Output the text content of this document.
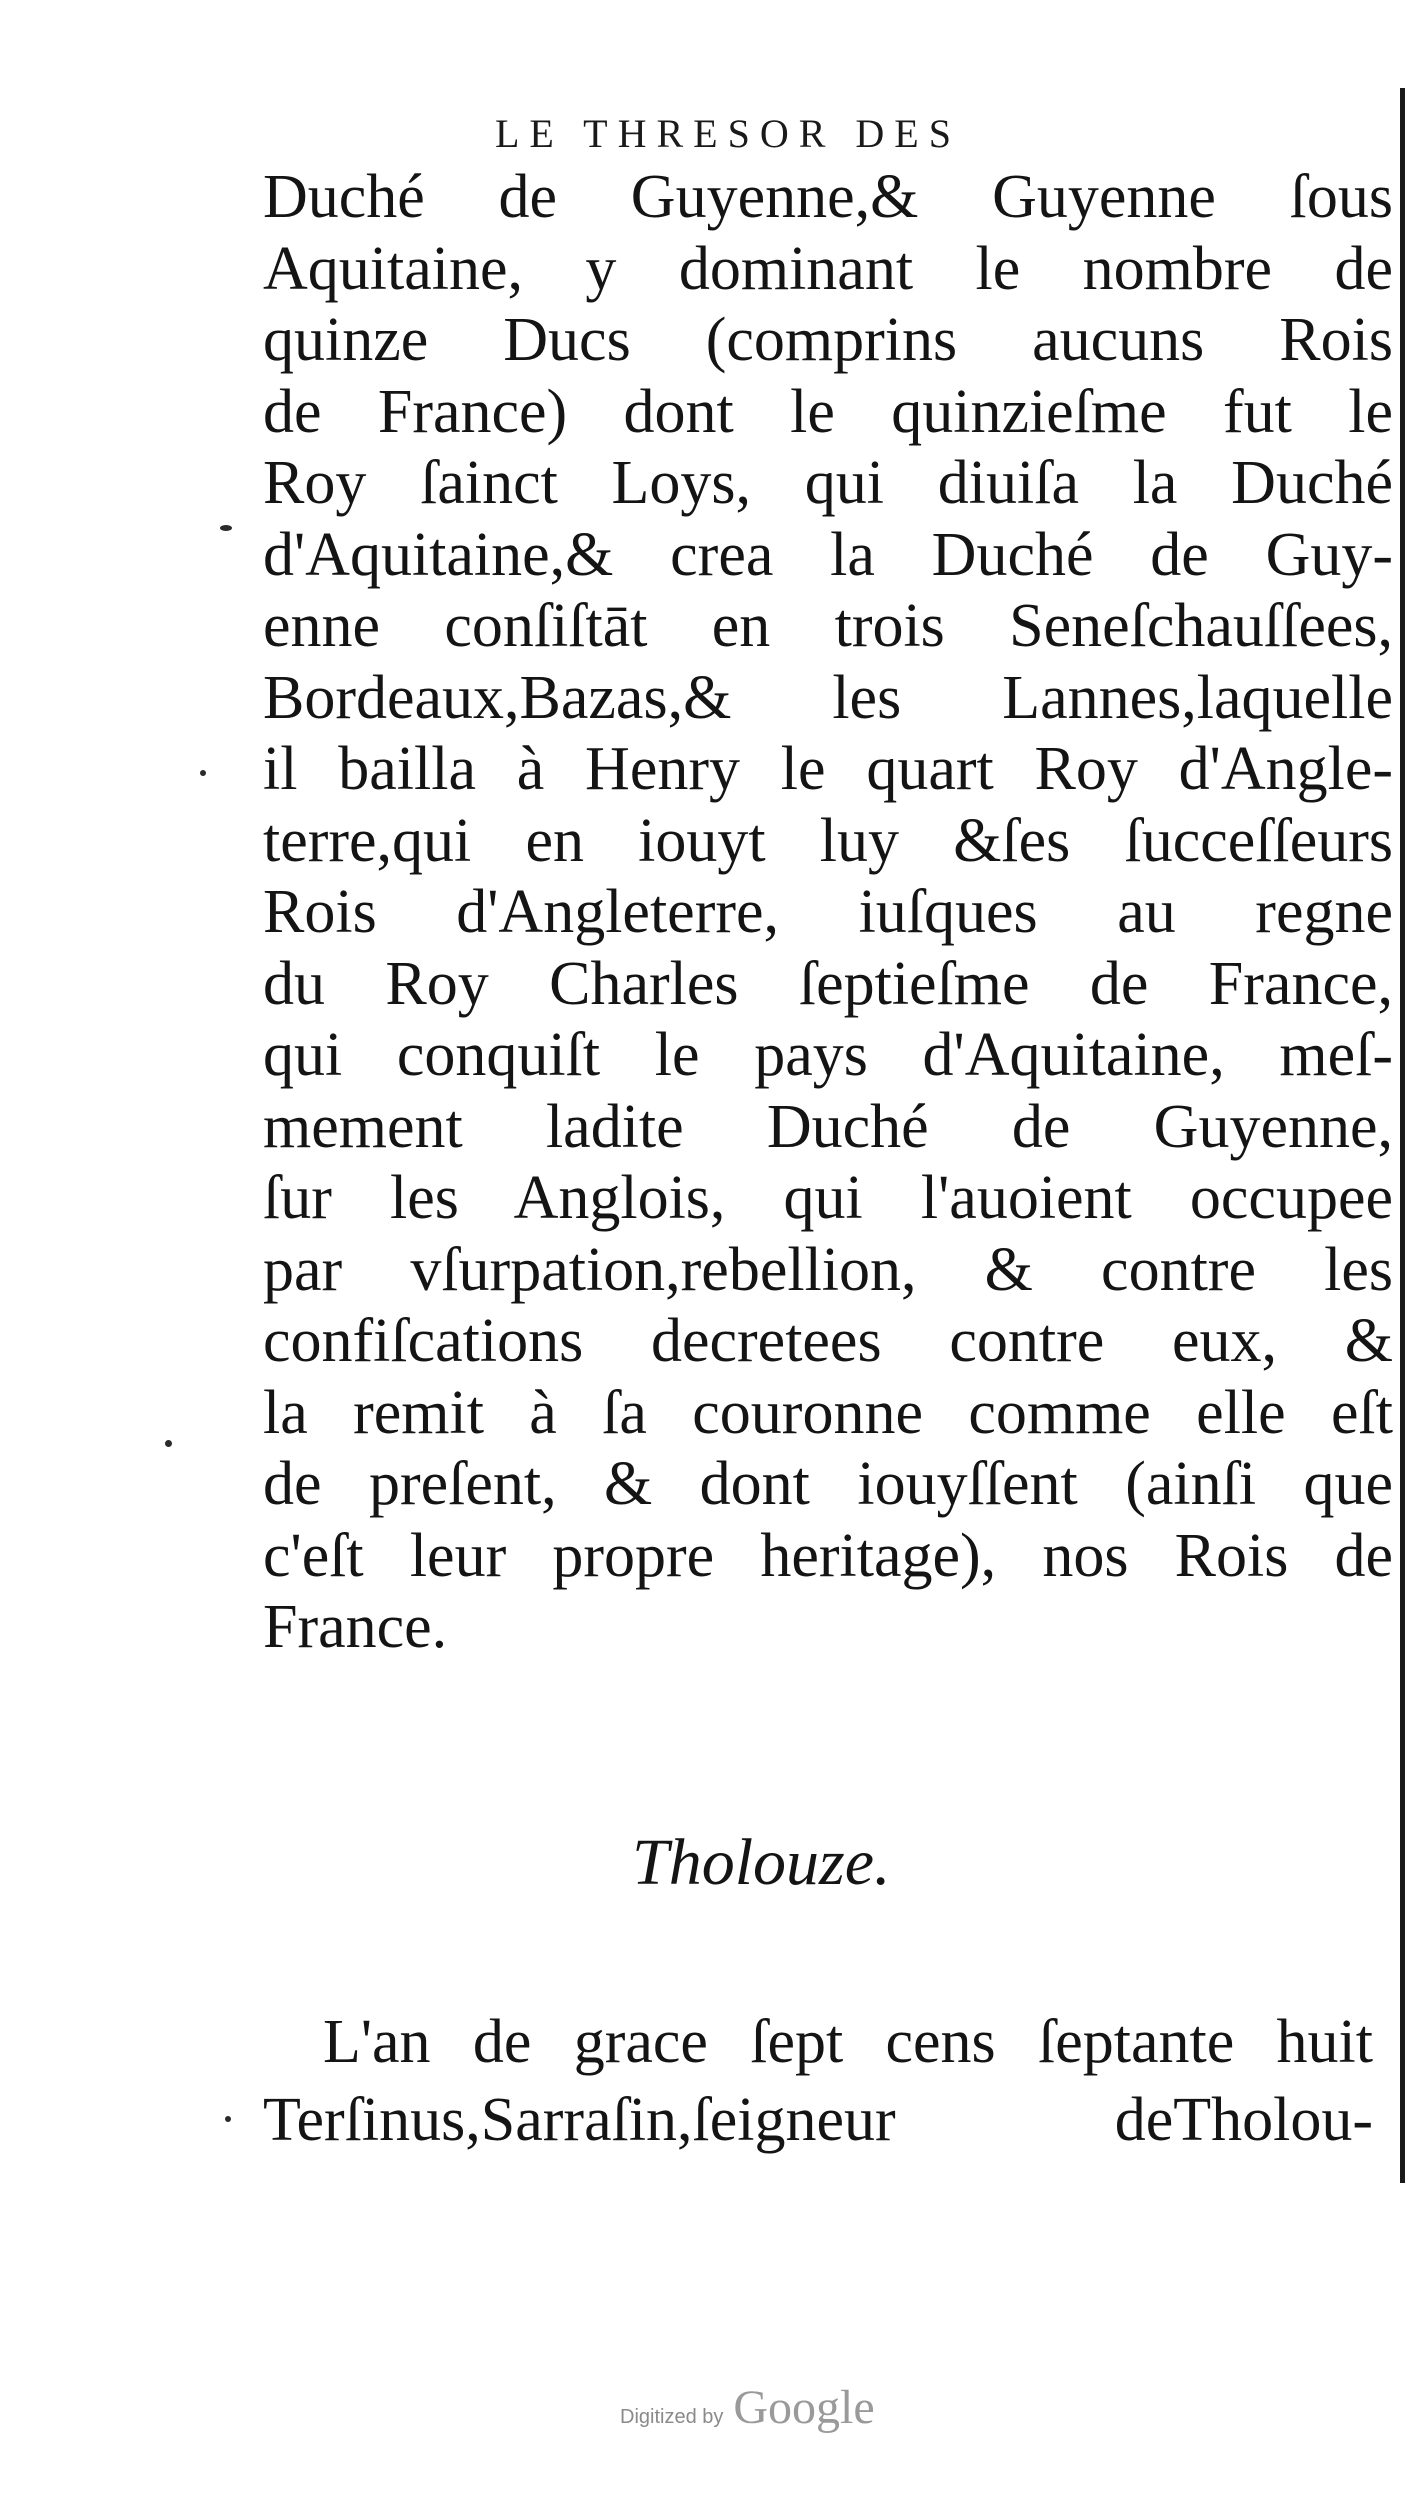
LE THRESOR DES
Duché de Guyenne,& Guyenne ſous
Aquitaine, y dominant le nombre de
quinze Ducs (comprins aucuns Rois
de France) dont le quinzieſme fut le
Roy ſainct Loys, qui diuiſa la Duché
d'Aquitaine,& crea la Duché de Guy-
enne conſiſtāt en trois Seneſchauſſees,
Bordeaux,Bazas,& les Lannes,laquelle
il bailla à Henry le quart Roy d'Angle-
terre,qui en iouyt luy &ſes ſucceſſeurs
Rois d'Angleterre, iuſques au regne
du Roy Charles ſeptieſme de France,
qui conquiſt le pays d'Aquitaine, meſ-
mement ladite Duché de Guyenne,
ſur les Anglois, qui l'auoient occupee
par vſurpation,rebellion, & contre les
confiſcations decretees contre eux, &
la remit à ſa couronne comme elle eſt
de preſent, & dont iouyſſent (ainſi que
c'eſt leur propre heritage), nos Rois de
France.
Tholouze.
L'an de grace ſept cens ſeptante huit
Terſinus,Sarraſin,ſeigneur deTholou-
Digitized by Google
